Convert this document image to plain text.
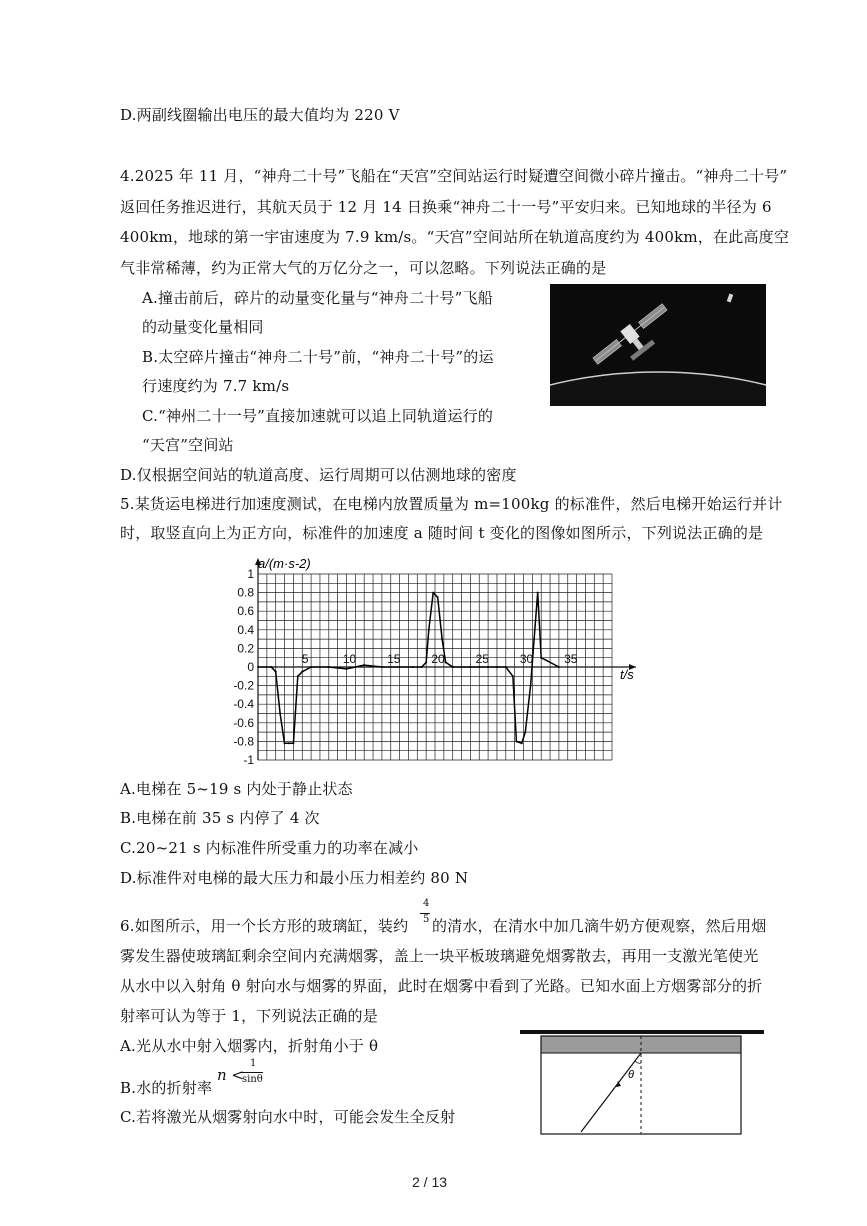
D.两副线圈输出电压的最大值均为 220 V
4.2025 年 11 月，“神舟二十号”飞船在“天宫”空间站运行时疑遭空间微小碎片撞击。“神舟二十号”
返回任务推迟进行，其航天员于 12 月 14 日换乘“神舟二十一号”平安归来。已知地球的半径为 6
400km，地球的第一宇宙速度为 7.9 km/s。“天宫”空间站所在轨道高度约为 400km，在此高度空
气非常稀薄，约为正常大气的万亿分之一，可以忽略。下列说法正确的是
A.撞击前后，碎片的动量变化量与“神舟二十号”飞船
的动量变化量相同
B.太空碎片撞击“神舟二十号”前，“神舟二十号”的运
行速度约为 7.7 km/s
C.“神州二十一号”直接加速就可以追上同轨道运行的
“天宫”空间站
D.仅根据空间站的轨道高度、运行周期可以估测地球的密度
5.某货运电梯进行加速度测试，在电梯内放置质量为 m=100kg 的标准件，然后电梯开始运行并计
时，取竖直向上为正方向，标准件的加速度 a 随时间 t 变化的图像如图所示，下列说法正确的是
1
0.8
0.6
0.4
0.2
0
-0.2
-0.4
-0.6
-0.8
-1
5	10	15	20	25	30	35
a/(m·s-2)
t/s
A.电梯在 5~19 s 内处于静止状态
B.电梯在前 35 s 内停了 4 次
C.20~21 s 内标准件所受重力的功率在减小
D.标准件对电梯的最大压力和最小压力相差约 80 N
6.如图所示，用一个长方形的玻璃缸，装约
4
5 的清水，在清水中加几滴牛奶方便观察，然后用烟
雾发生器使玻璃缸剩余空间内充满烟雾，盖上一块平板玻璃避免烟雾散去，再用一支激光笔使光
从水中以入射角 θ 射向水与烟雾的界面，此时在烟雾中看到了光路。已知水面上方烟雾部分的折
射率可认为等于 1，下列说法正确的是
A.光从水中射入烟雾内，折射角小于 θ
B.水的折射率
n <
1
sinθ
C.若将激光从烟雾射向水中时，可能会发生全反射
θ
2 / 13
